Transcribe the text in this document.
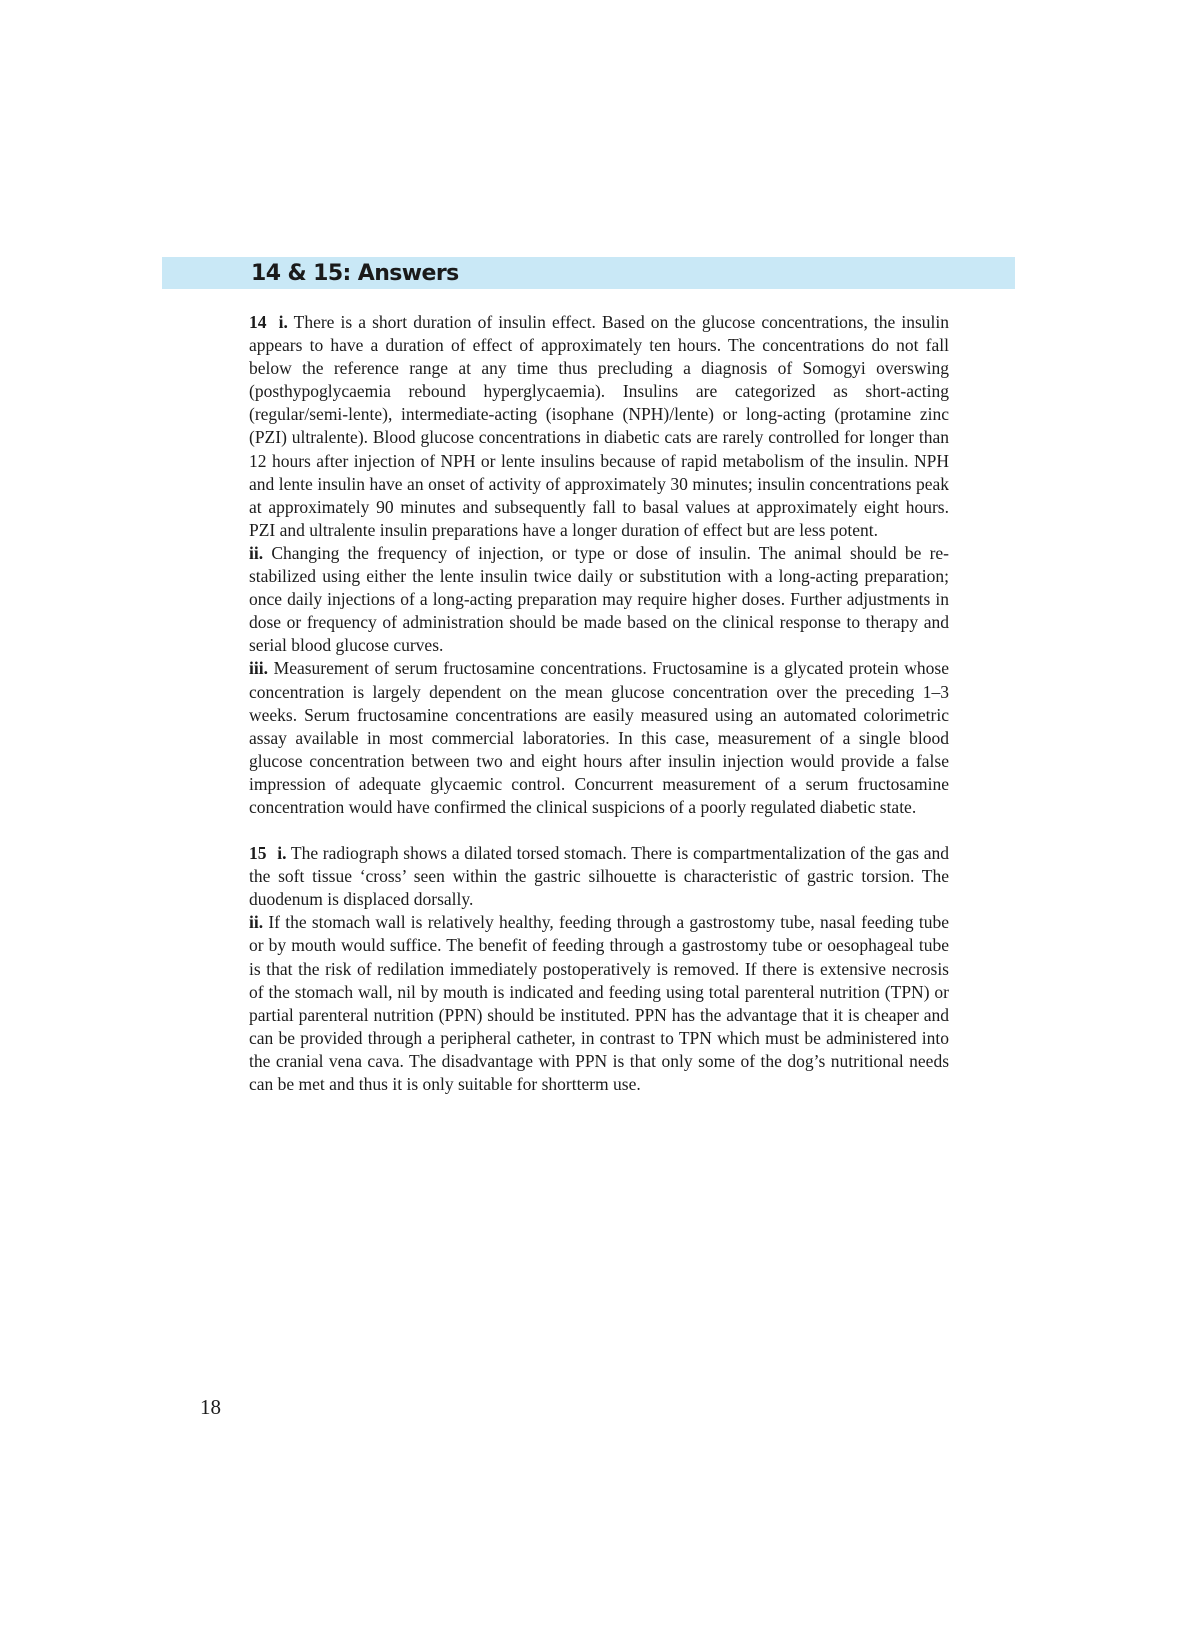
14 & 15: Answers

14 i. There is a short duration of insulin effect. Based on the glucose concentrations, the insulin appears to have a duration of effect of approximately ten hours. The concentrations do not fall below the reference range at any time thus precluding a diagnosis of Somogyi overswing (posthypoglycaemia rebound hyperglycaemia). Insulins are categorized as short-acting (regular/semi-lente), intermediate-acting (isophane (NPH)/lente) or long-acting (protamine zinc (PZI) ultralente). Blood glucose concentrations in diabetic cats are rarely controlled for longer than 12 hours after injection of NPH or lente insulins because of rapid metabolism of the insulin. NPH and lente insulin have an onset of activity of approximately 30 minutes; insulin concentrations peak at approximately 90 minutes and subsequently fall to basal values at approximately eight hours. PZI and ultralente insulin preparations have a longer duration of effect but are less potent.

ii. Changing the frequency of injection, or type or dose of insulin. The animal should be re-stabilized using either the lente insulin twice daily or substitution with a long-acting preparation; once daily injections of a long-acting preparation may require higher doses. Further adjustments in dose or frequency of administration should be made based on the clinical response to therapy and serial blood glucose curves.

iii. Measurement of serum fructosamine concentrations. Fructosamine is a glycated protein whose concentration is largely dependent on the mean glucose concentration over the preceding 1–3 weeks. Serum fructosamine concentrations are easily measured using an automated colorimetric assay available in most commercial laboratories. In this case, measurement of a single blood glucose concentration between two and eight hours after insulin injection would provide a false impression of adequate glycaemic control. Concurrent measurement of a serum fructosamine concentration would have confirmed the clinical suspicions of a poorly regulated diabetic state.

15 i. The radiograph shows a dilated torsed stomach. There is compartmentalization of the gas and the soft tissue ‘cross’ seen within the gastric silhouette is characteristic of gastric torsion. The duodenum is displaced dorsally.

ii. If the stomach wall is relatively healthy, feeding through a gastrostomy tube, nasal feeding tube or by mouth would suffice. The benefit of feeding through a gastrostomy tube or oesophageal tube is that the risk of redilation immediately postoperatively is removed. If there is extensive necrosis of the stomach wall, nil by mouth is indicated and feeding using total parenteral nutrition (TPN) or partial parenteral nutrition (PPN) should be instituted. PPN has the advantage that it is cheaper and can be provided through a peripheral catheter, in contrast to TPN which must be administered into the cranial vena cava. The disadvantage with PPN is that only some of the dog’s nutritional needs can be met and thus it is only suitable for shortterm use.

18
